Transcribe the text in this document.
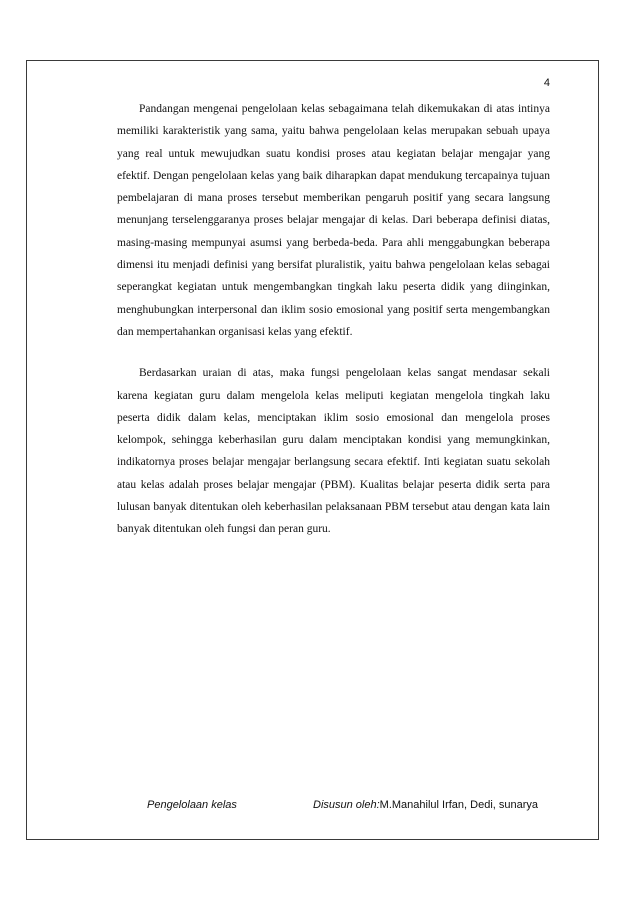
4

Pandangan mengenai pengelolaan kelas sebagaimana telah dikemukakan di atas intinya memiliki karakteristik yang sama, yaitu bahwa pengelolaan kelas merupakan sebuah upaya yang real untuk mewujudkan suatu kondisi proses atau kegiatan belajar mengajar yang efektif. Dengan pengelolaan kelas yang baik diharapkan dapat mendukung tercapainya tujuan pembelajaran di mana proses tersebut memberikan pengaruh positif yang secara langsung menunjang terselenggaranya proses belajar mengajar di kelas. Dari beberapa definisi diatas, masing-masing mempunyai asumsi yang berbeda-beda. Para ahli menggabungkan beberapa dimensi itu menjadi definisi yang bersifat pluralistik, yaitu bahwa pengelolaan kelas sebagai seperangkat kegiatan untuk mengembangkan tingkah laku peserta didik yang diinginkan, menghubungkan interpersonal dan iklim sosio emosional yang positif serta mengembangkan dan mempertahankan organisasi kelas yang efektif.

Berdasarkan uraian di atas, maka fungsi pengelolaan kelas sangat mendasar sekali karena kegiatan guru dalam mengelola kelas meliputi kegiatan mengelola tingkah laku peserta didik dalam kelas, menciptakan iklim sosio emosional dan mengelola proses kelompok, sehingga keberhasilan guru dalam menciptakan kondisi yang memungkinkan, indikatornya proses belajar mengajar berlangsung secara efektif. Inti kegiatan suatu sekolah atau kelas adalah proses belajar mengajar (PBM). Kualitas belajar peserta didik serta para lulusan banyak ditentukan oleh keberhasilan pelaksanaan PBM tersebut atau dengan kata lain banyak ditentukan oleh fungsi dan peran guru.

Pengelolaan kelas	Disusun oleh:M.Manahilul Irfan, Dedi, sunarya
